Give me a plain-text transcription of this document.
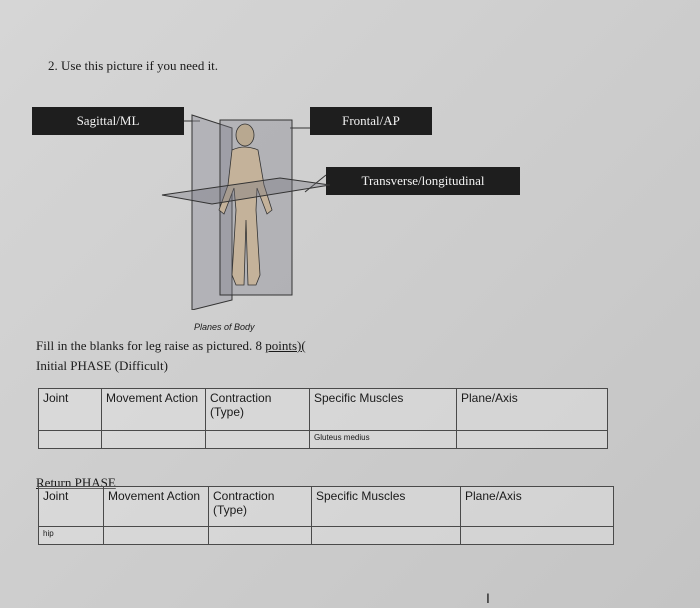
2. Use this picture if you need it.
Sagittal/ML	Frontal/AP
Transverse/longitudinal
Planes of Body
Fill in the blanks for leg raise as pictured. 8 points)(
Initial PHASE (Difficult)
Joint	Movement Action	Contraction (Type)	Specific Muscles	Plane/Axis
			Gluteus medius	
Return PHASE
Joint	Movement Action	Contraction (Type)	Specific Muscles	Plane/Axis
hip				
I
